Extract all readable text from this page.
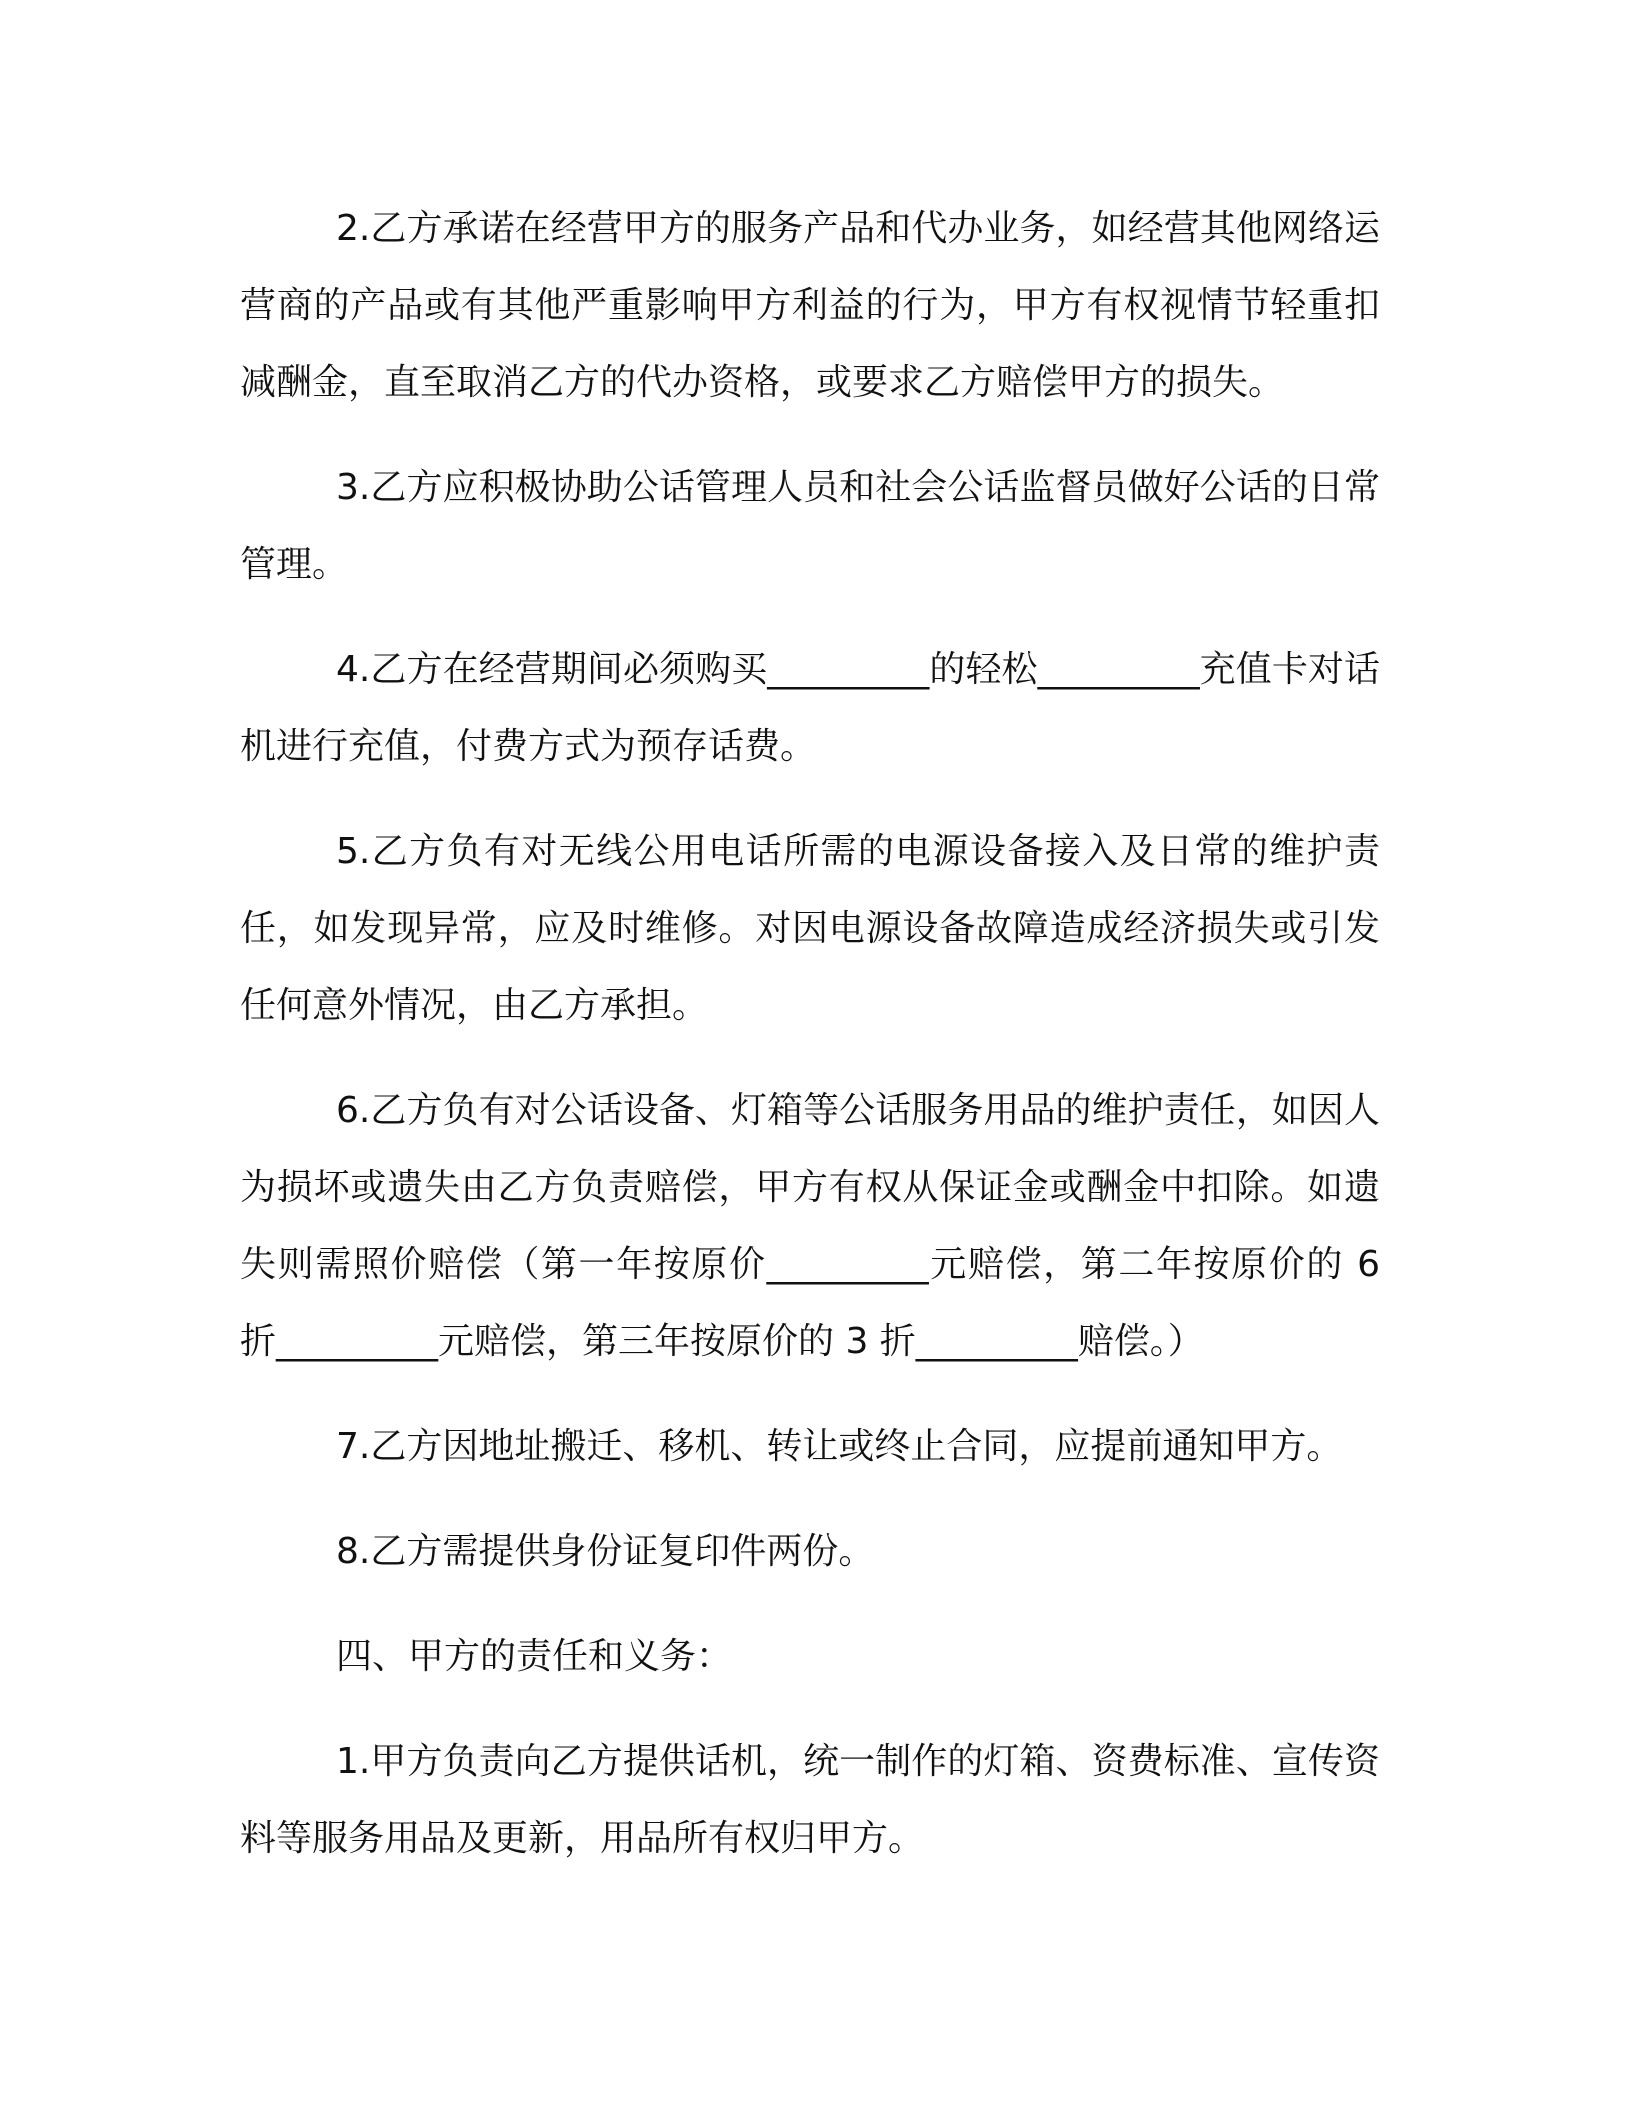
2.乙方承诺在经营甲方的服务产品和代办业务，如经营其他网络运营商的产品或有其他严重影响甲方利益的行为，甲方有权视情节轻重扣减酬金，直至取消乙方的代办资格，或要求乙方赔偿甲方的损失。

3.乙方应积极协助公话管理人员和社会公话监督员做好公话的日常管理。

4.乙方在经营期间必须购买_________的轻松_________充值卡对话机进行充值，付费方式为预存话费。

5.乙方负有对无线公用电话所需的电源设备接入及日常的维护责任，如发现异常，应及时维修。对因电源设备故障造成经济损失或引发任何意外情况，由乙方承担。

6.乙方负有对公话设备、灯箱等公话服务用品的维护责任，如因人为损坏或遗失由乙方负责赔偿，甲方有权从保证金或酬金中扣除。如遗失则需照价赔偿（第一年按原价_________元赔偿，第二年按原价的 6 折_________元赔偿，第三年按原价的 3 折_________赔偿。）

7.乙方因地址搬迁、移机、转让或终止合同，应提前通知甲方。

8.乙方需提供身份证复印件两份。

四、甲方的责任和义务：

1.甲方负责向乙方提供话机，统一制作的灯箱、资费标准、宣传资料等服务用品及更新，用品所有权归甲方。
